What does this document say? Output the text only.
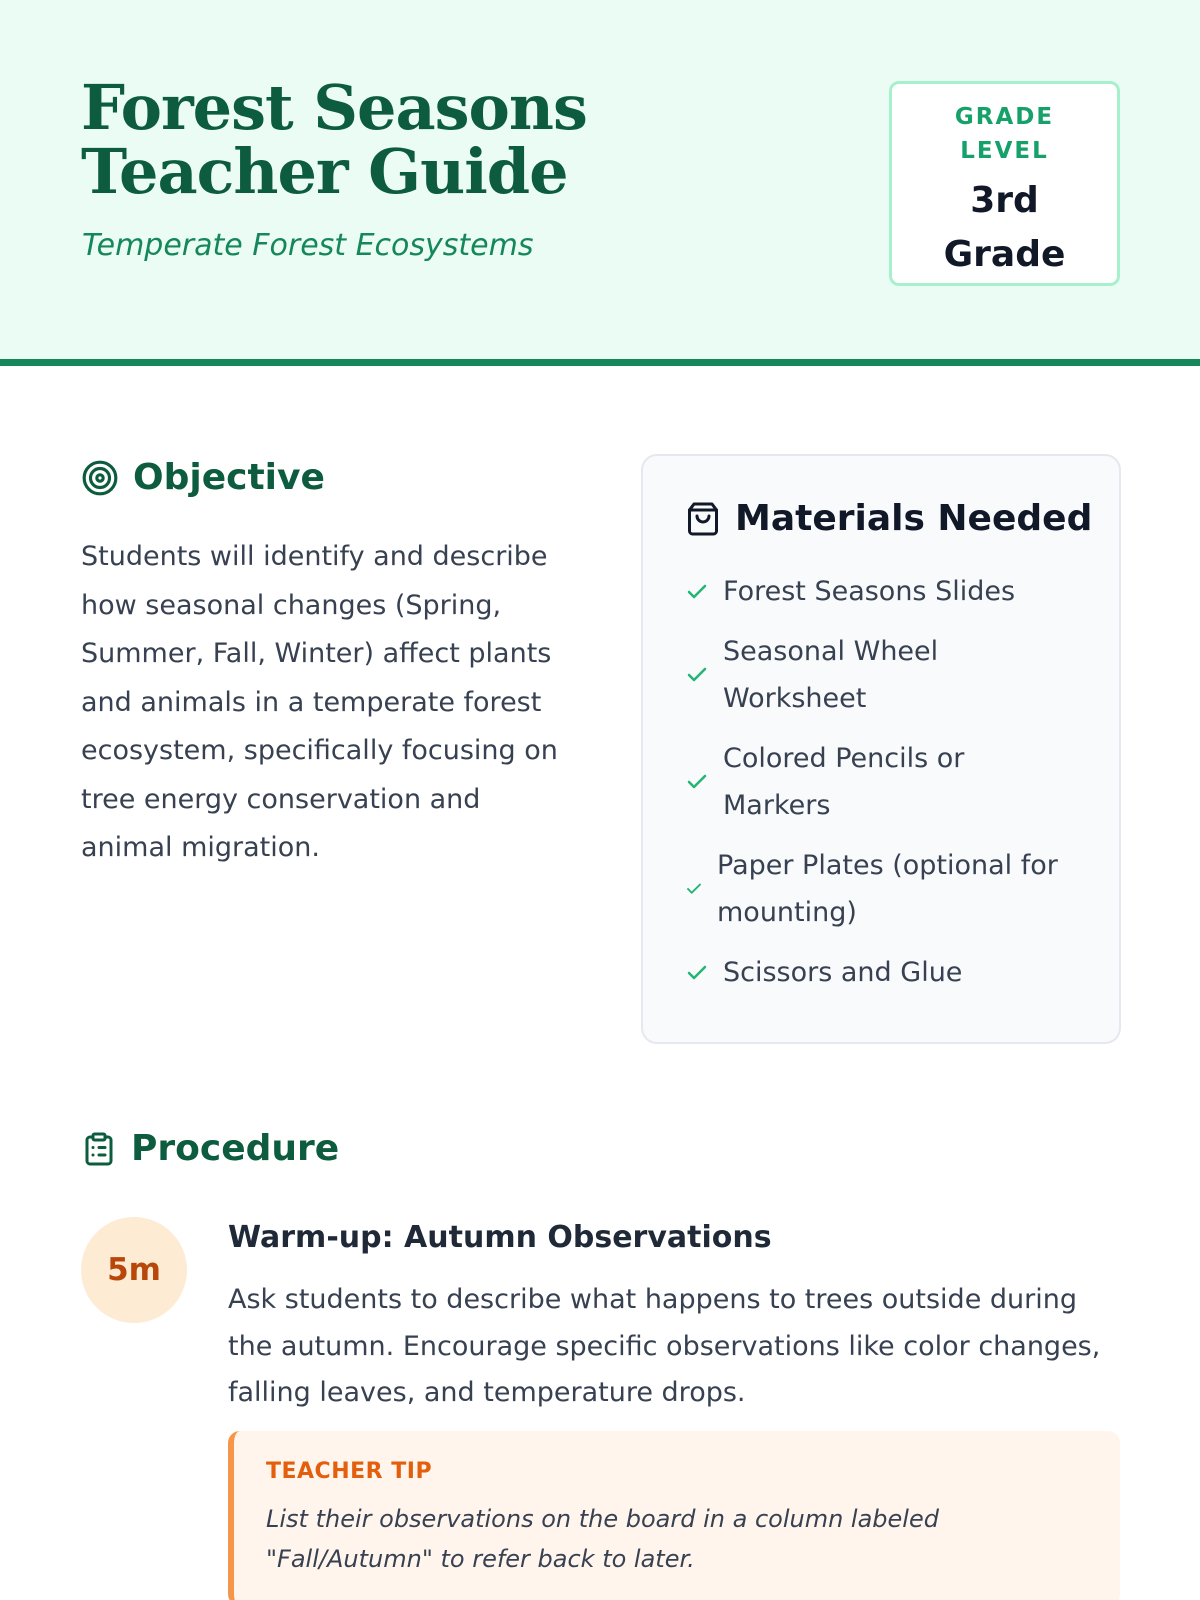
Forest Seasons Teacher Guide
Temperate Forest Ecosystems
GRADE LEVEL
3rd Grade
Objective

Students will identify and describe how seasonal changes (Spring, Summer, Fall, Winter) affect plants and animals in a temperate forest ecosystem, specifically focusing on tree energy conservation and animal migration.

Materials Needed
Forest Seasons Slides
Seasonal Wheel Worksheet
Colored Pencils or Markers
Paper Plates (optional for mounting)
Scissors and Glue
Procedure
5m
Warm-up: Autumn Observations

Ask students to describe what happens to trees outside during the autumn. Encourage specific observations like color changes, falling leaves, and temperature drops.

TEACHER TIP
List their observations on the board in a column labeled "Fall/Autumn" to refer back to later.
